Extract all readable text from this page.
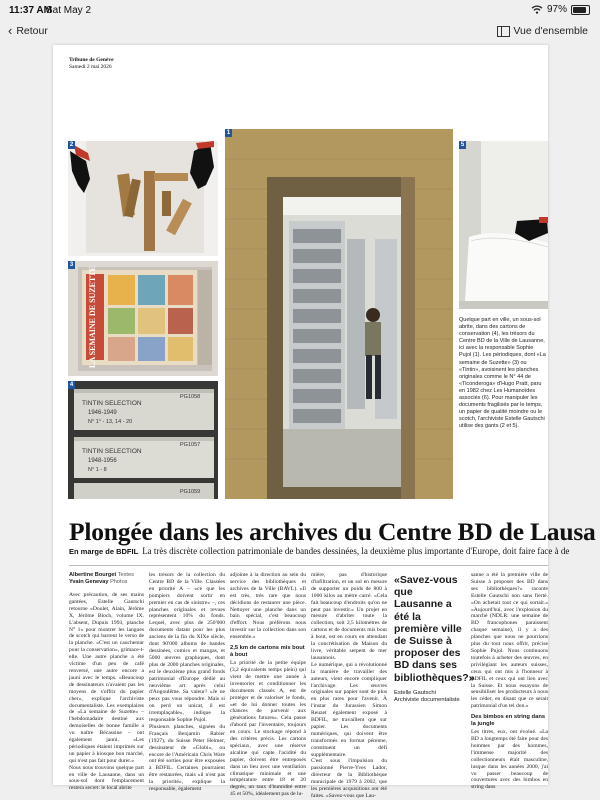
11:37 AM
Sat May 2	97%
‹ Retour	Vue d'ensemble
Tribune de Genève
Samedi 2 mai 2026
2
LA SEMAINE DE SUZETTE
3
TINTIN SELECTION
1946-1949
N° 1° - 13, 14 - 20
PG1058
TINTIN SELECTION
1948-1956
N° 1 - 8
PG1057
PG1059
4
1
5
Quelque part en ville, un sous-sol abrite, dans des cartons de conservation (4), les trésors du Centre BD de la Ville de Lausanne, ici avec la responsable Sophie Pujol (1). Les périodiques, dont «La semaine de Suzette» (3) ou «Tintin», avoisinent les planches originales comme le N° 44 de «Ticonderoga» d'Hugo Pratt, paru en 1982 chez Les Humanoïdes associés (6). Pour manipuler les documents fragilisés par le temps, un papier de qualité moindre ou le scotch, l'archiviste Estelle Gautschi utilise des gants (2 et 5).
Plongée dans les archives du Centre BD de Lausa
En marge de BDFIL La très discrète collection patrimoniale de bandes dessinées, la deuxième plus importante d'Europe, doit faire face à de
Albertine Bourget Textes
Yvain Genevay Photos
Avec précaution, de ses mains gantées, Estelle Gautschi retourne «Doulet, Alain, Jérôme X, Jérôme Bloch, volume IX. L'absent, Dupuis 1993, planche N° 1» pour montrer les langues de scotch qui barrent le verso de la planche. «C'est un cauchemar pour la conservation», grimace-t-elle. Une autre planche a été victime d'un peu de café renversé, une autre encore a jauni avec le temps. «Beaucoup de dessinateurs n'avaient pas les moyens de s'offrir du papier cher», explique l'archiviste documentaliste. Les exemplaires de «La semaine de Suzette» – l'hebdomadaire destiné aux demoiselles de bonne famille a vu naître Bécassine – ont également jauni. «Les périodiques étaient imprimés sur un papier à kiosque bon marché, qui n'est pas fait pour durer.»
Nous nous trouvons quelque part en ville de Lausanne, dans un sous-sol dont l'emplacement restera secret: le local abrite
les trésors de la collection du Centre BD de la Ville. Classées en priorité A – «ce que les pompiers doivent sortir en premier en cas de sinistre» –, ces planches originales et revues représentent 10% du fonds. Lequel, avec plus de 250'000 documents datant pour les plus anciens de la fin du XIXe siècle, dont 90'000 albums de bandes dessinées, comics et mangas, et 5000 œuvres graphiques, dont plus de 2000 planches originales, est le deuxième plus grand fonds patrimonial d'Europe dédié au neuvième art après celui d'Angoulême. Sa valeur? «Je ne peux pas vous répondre. Mais si on perd un unicat, il est irremplaçable», indique la responsable Sophie Pujol.
Plusieurs planches, signées du Français Benjamin Rabier (1927), du Suisse Peter Heimer, dessinateur de «Globi», ou encore de l'Américain Chris Ware ont été sorties pour être exposées à BDFIL. Certaines pourraient être restaurées, mais «il n'est pas la priorité», explique la responsable, également
adjointe à la direction au sein du service des bibliothèques et archives de la Ville (BAVL). «Il est très, très rare que nous décidions de restaurer une pièce. Nettoyer une planche dans un bain spécial, c'est beaucoup d'effort. Nous préférons nous investir sur la collection dans son ensemble.»
2,5 km de cartons mis bout à bout
La priorité de la petite équipe (3,2 équivalents temps plein) qui vient de mettre une année à inventorier et conditionner les documents classés A, est de protéger et de valoriser le fonds, «et de lui donner toutes les chances de parvenir aux générations futures». Cela passe d'abord par l'inventaire, toujours en cours. Le stockage répond à des critères précis. Les cartons spéciaux, avec une réserve alcaline qui capte l'acidité du papier, doivent être entreposés dans un lieu avec une ventilation climatique minimale et une température entre 18 et 20 degrés, un taux d'humidité entre 45 et 50%, idéalement pas de lu-
mière, pas d'historique d'infiltration, et un sol en mesure de supporter un poids de 800 à 1000 kilos au mètre carré. «Cela fait beaucoup d'endroits qu'on ne peut pas investir.» Un projet en mesure d'abriter toute la collection, soit 2,5 kilomètres de cartons et de documents mis bout à bout, est en cours en attendant la concrétisation de Maison du livre, véritable serpent de mer lausannois.
Le numérique, qui a révolutionné la manière de travailler des auteurs, vient encore compliquer l'archivage. Les œuvres originales sur papier sont de plus en plus rares pour l'avenir. À l'instar du Jurassien Simon Reuzet également exposé à BDFIL, ne travaillent que sur papier. Les documents numériques, qui doivent être transformés en format pérenne, constituent un défi supplémentaire.
C'est sous l'impulsion du passionné Pierre-Yves Lador, directeur de la Bibliothèque municipale de 1979 à 2002, que les premières acquisitions ont été faites. «Savez-vous que Lau-
«Savez-vous que Lausanne a été la première ville de Suisse à proposer des BD dans ses bibliothèques?»
Estelle Gautschi
Archiviste documentaliste
sanne a été la première ville de Suisse à proposer des BD dans ses bibliothèques?» raconte Estelle Gautschi non sans fierté. «On achetait tout ce qui sortait.» «Aujourd'hui, avec l'explosion du marché (NDLR: une semaine de BD francophones paraissent chaque semaine), il y a des planches que nous ne pourrions plus du tout nous offrir, précise Sophie Pujol. Nous continuons toutefois à acheter des œuvres, en privilégiant les auteurs suisses, ceux qui ont mis à l'honneur à BDFIL et ceux qui ont lien avec la Suisse. Et nous essayons de sensibiliser les producteurs à nous les céder, en disant que ce serait patrimonial d'un tel don.»
Des bimbos en string dans la jungle
Les titres, eux, ont évolué. «La BD a longtemps été faite pour des hommes par des hommes, l'immense majorité des collectionneurs était masculine, lusque dans les années 2000, j'ai vu passer beaucoup de couvertures avec des bimbos en string dans
